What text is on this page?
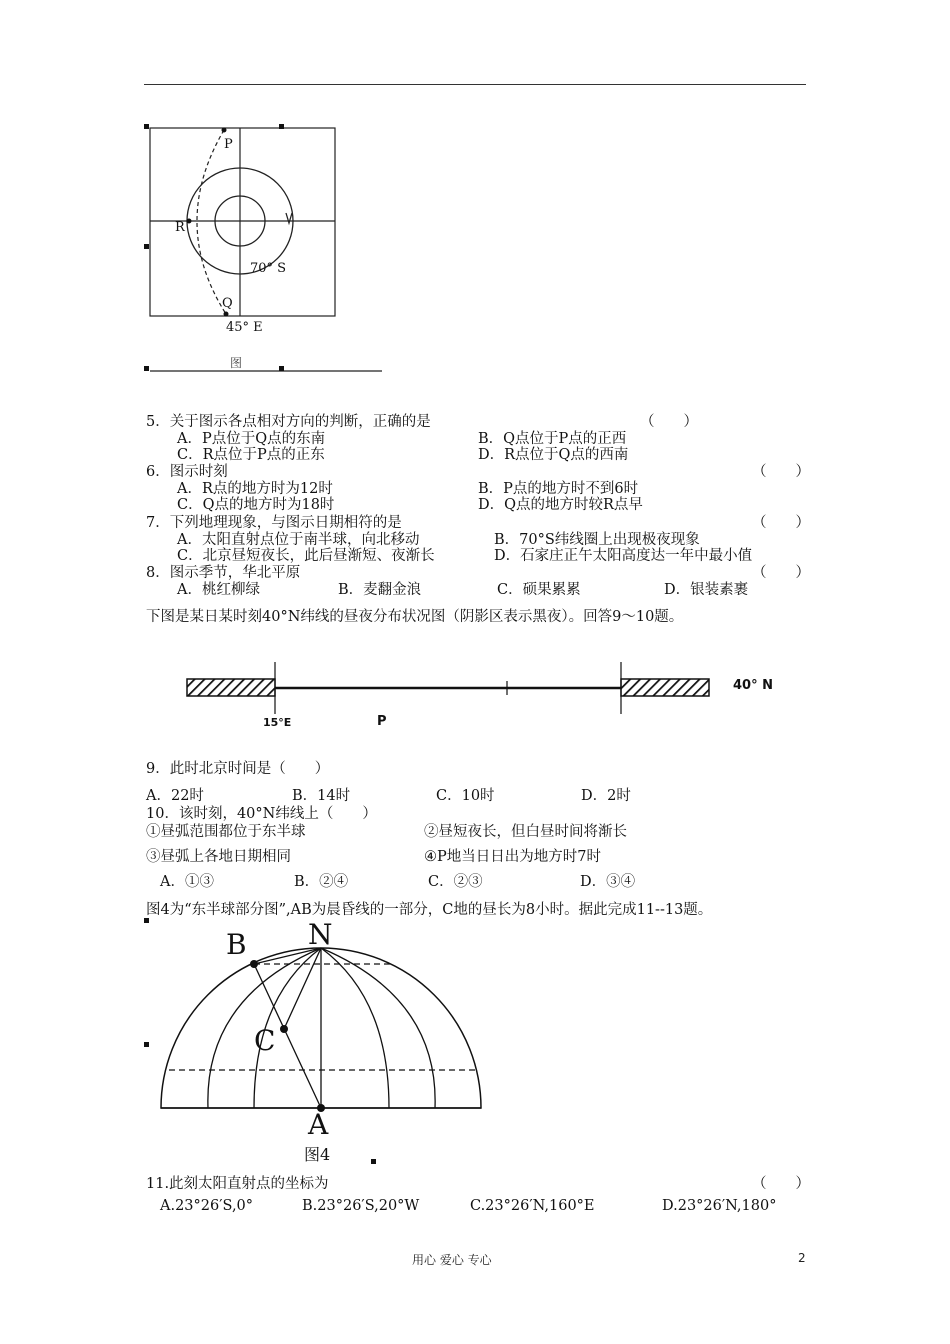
P
R
Q
70° S
45° E
图
5．关于图示各点相对方向的判断，正确的是	（　　）
A．P点位于Q点的东南	B．Q点位于P点的正西
C．R点位于P点的正东	D．R点位于Q点的西南
6．图示时刻	（　　）
A．R点的地方时为12时	B．P点的地方时不到6时
C．Q点的地方时为18时	D．Q点的地方时较R点早
7．下列地理现象，与图示日期相符的是	（　　）
A．太阳直射点位于南半球，向北移动	B．70°S纬线圈上出现极夜现象
C．北京昼短夜长，此后昼渐短、夜渐长	D．石家庄正午太阳高度达一年中最小值
8．图示季节，华北平原	（　　）
A．桃红柳绿	B．麦翻金浪	C．硕果累累	D．银装素裹
下图是某日某时刻40°N纬线的昼夜分布状况图（阴影区表示黑夜）。回答9～10题。
40° N
15°E	P
9．此时北京时间是（　　）
A．22时	B．14时	C．10时	D．2时
10．该时刻，40°N纬线上（　　）
①昼弧范围都位于东半球	②昼短夜长，但白昼时间将渐长
③昼弧上各地日期相同	④P地当日日出为地方时7时
A．①③	B．②④	C．②③	D．③④
图4为“东半球部分图”,AB为晨昏线的一部分，C地的昼长为8小时。据此完成11--13题。
B N
C
A
图4
11.此刻太阳直射点的坐标为	（　　）
A.23°26′S,0°	B.23°26′S,20°W	C.23°26′N,160°E	D.23°26′N,180°
用心 爱心 专心	2
